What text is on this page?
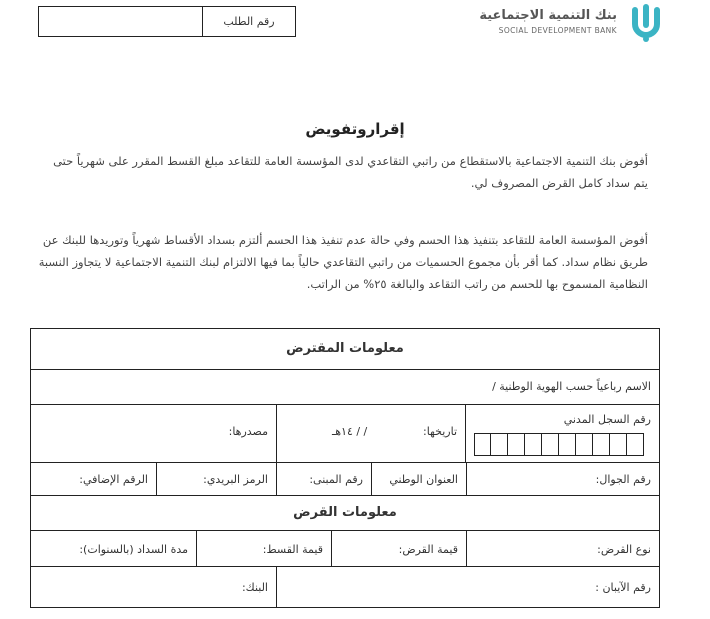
رقم الطلب	بنك التنمية الاجتماعية
SOCIAL DEVELOPMENT BANK
إقراروتفويض
أفوض بنك التنمية الاجتماعية بالاستقطاع من راتبي التقاعدي لدى المؤسسة العامة للتقاعد مبلغ القسط المقرر على شهرياً حتى يتم سداد كامل القرض المصروف لي.
أفوض المؤسسة العامة للتقاعد بتنفيذ هذا الحسم وفي حالة عدم تنفيذ هذا الحسم ألتزم بسداد الأقساط شهرياً وتوريدها للبنك عن طريق نظام سداد. كما أقر بأن مجموع الحسميات من راتبي التقاعدي حالياً بما فيها الالتزام لبنك التنمية الاجتماعية لا يتجاوز النسبة النظامية المسموح بها للحسم من راتب التقاعد والبالغة ٢٥% من الراتب.
معلومات المقترض
الاسم رباعياً حسب الهوية الوطنية /
رقم السجل المدني
تاريخها:
/ / ١٤هـ
مصدرها:
رقم الجوال:
العنوان الوطني
رقم المبنى:
الرمز البريدي:
الرقم الإضافي:
معلومات القرض
نوع القرض:
قيمة القرض:
قيمة القسط:
مدة السداد (بالسنوات):
رقم الآيبان :
البنك:
